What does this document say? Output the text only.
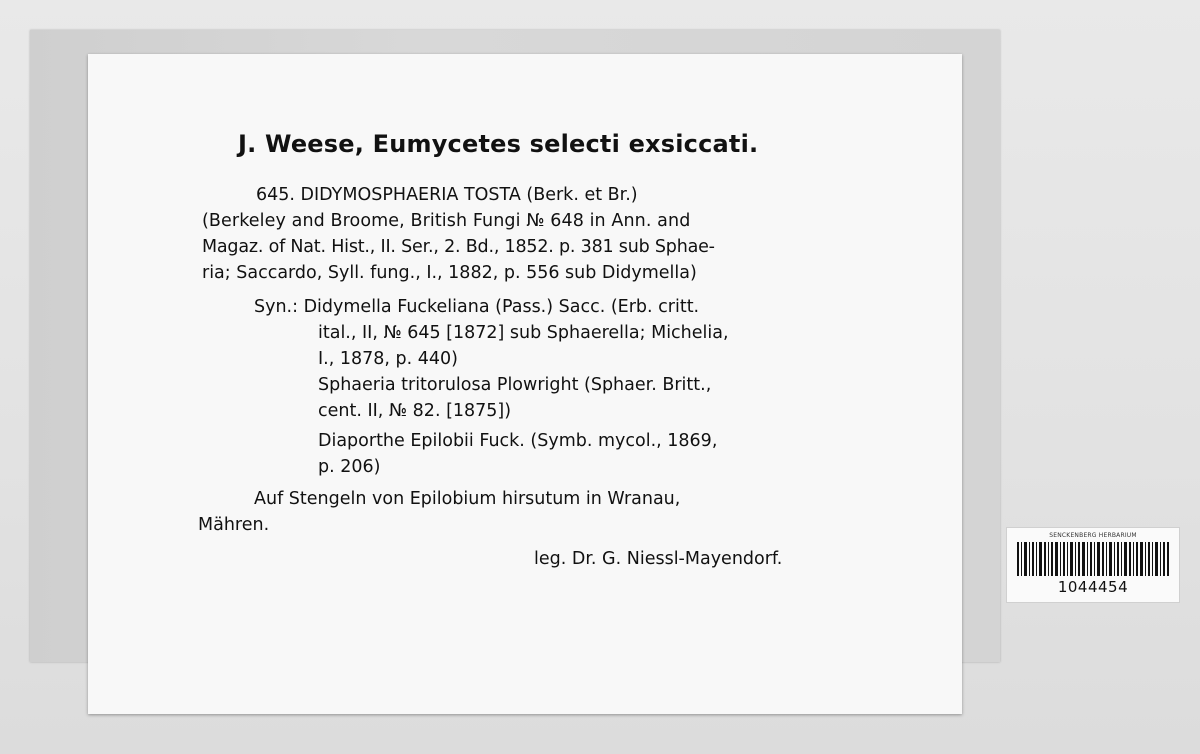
J. Weese, Eumycetes selecti exsiccati.
645. DIDYMOSPHAERIA TOSTA (Berk. et Br.)
(Berkeley and Broome, British Fungi № 648 in Ann. and
Magaz. of Nat. Hist., II. Ser., 2. Bd., 1852. p. 381 sub Sphae-
ria; Saccardo, Syll. fung., I., 1882, p. 556 sub Didymella)
Syn.: Didymella Fuckeliana (Pass.) Sacc. (Erb. critt.
ital., II, № 645 [1872] sub Sphaerella; Michelia,
I., 1878, p. 440)
Sphaeria tritorulosa Plowright (Sphaer. Britt.,
cent. II, № 82. [1875])
Diaporthe Epilobii Fuck. (Symb. mycol., 1869,
p. 206)
Auf Stengeln von Epilobium hirsutum in Wranau,
Mähren.
leg. Dr. G. Niessl-Mayendorf.
SENCKENBERG HERBARIUM
1044454
